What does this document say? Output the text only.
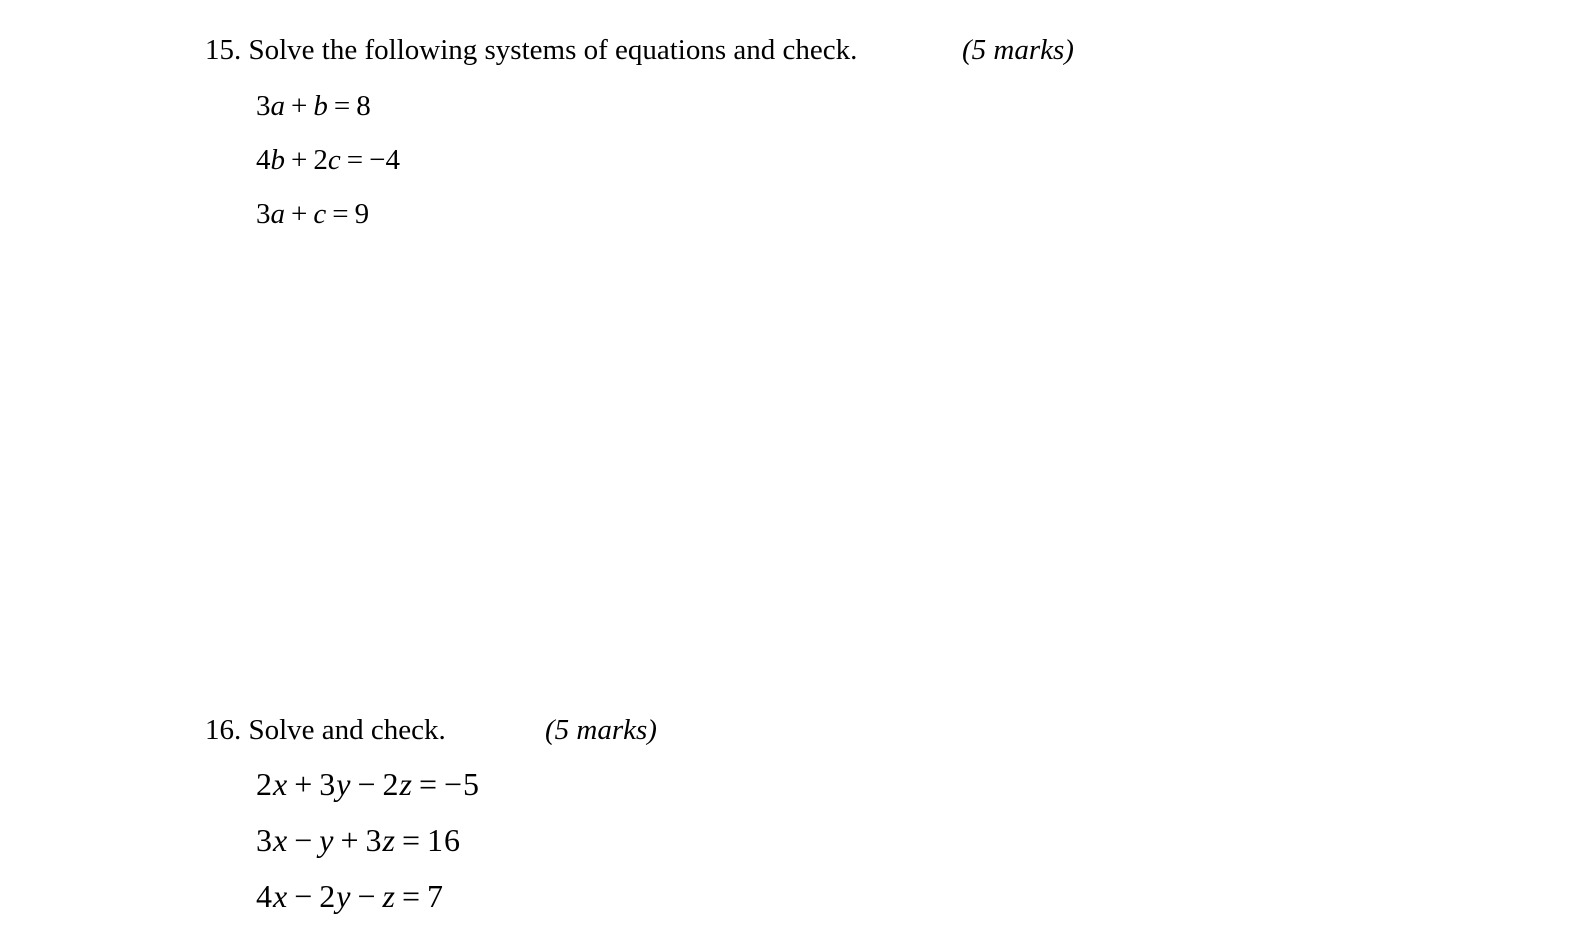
15. Solve the following systems of equations and check.	(5 marks)
3a + b = 8
4b + 2c = −4
3a + c = 9
16. Solve and check.	(5 marks)
2x + 3y − 2z = −5
3x − y + 3z = 16
4x − 2y − z = 7
